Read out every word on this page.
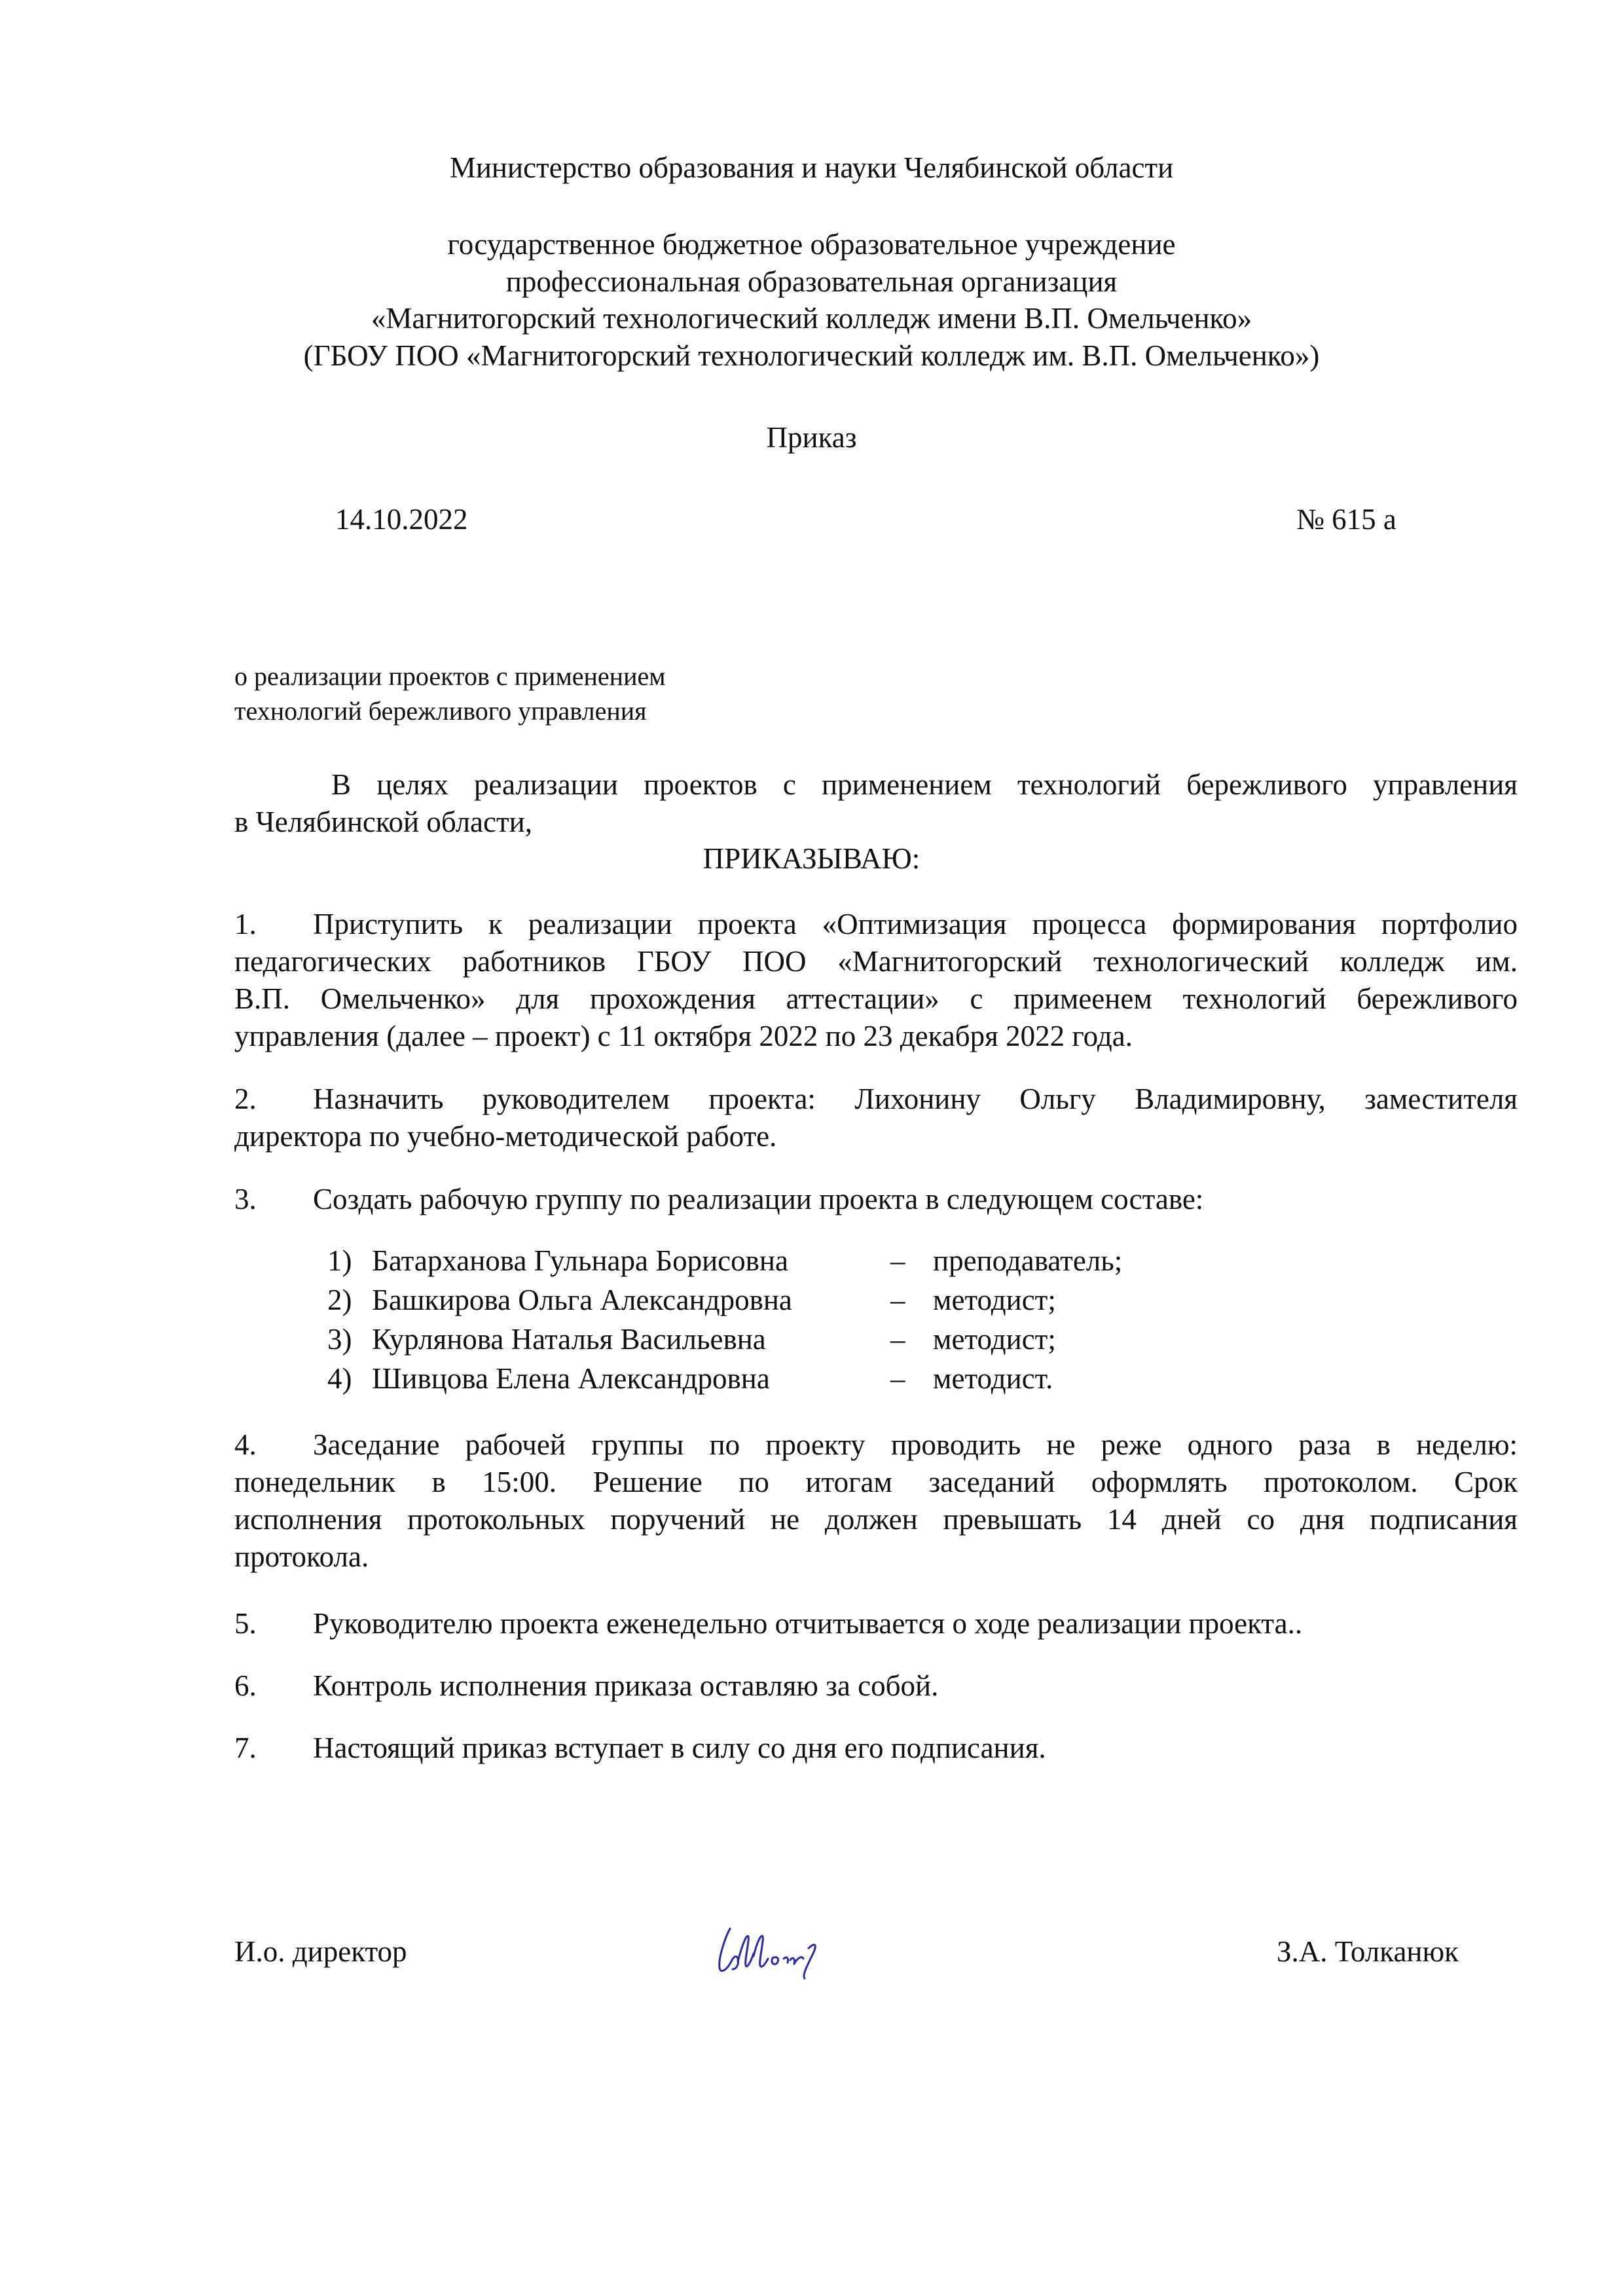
Министерство образования и науки Челябинской области
государственное бюджетное образовательное учреждение
профессиональная образовательная организация
«Магнитогорский технологический колледж имени В.П. Омельченко»
(ГБОУ ПОО «Магнитогорский технологический колледж им. В.П. Омельченко»)
Приказ
14.10.2022	№ 615 а
о реализации проектов с применением
технологий бережливого управления
В целях реализации проектов с применением технологий бережливого управления
в Челябинской области,
ПРИКАЗЫВАЮ:

1. Приступить к реализации проекта «Оптимизация процесса формирования портфолио

педагогических работников ГБОУ ПОО «Магнитогорский технологический колледж им.

В.П. Омельченко» для прохождения аттестации» с примеенем технологий бережливого

управления (далее – проект) с 11 октября 2022 по 23 декабря 2022 года.

2. Назначить руководителем проекта: Лихонину Ольгу Владимировну, заместителя

директора по учебно-методической работе.

3. Создать рабочую группу по реализации проекта в следующем составе:

1) Батарханова Гульнара Борисовна	– преподаватель;
2) Башкирова Ольга Александровна	– методист;
3) Курлянова Наталья Васильевна	– методист;
4) Шивцова Елена Александровна	– методист.

4. Заседание рабочей группы по проекту проводить не реже одного раза в неделю:

понедельник в 15:00. Решение по итогам заседаний оформлять протоколом. Срок

исполнения протокольных поручений не должен превышать 14 дней со дня подписания

протокола.

5. Руководителю проекта еженедельно отчитывается о ходе реализации проекта..

6. Контроль исполнения приказа оставляю за собой.

7. Настоящий приказ вступает в силу со дня его подписания.

И.о. директор	З.А. Толканюк
